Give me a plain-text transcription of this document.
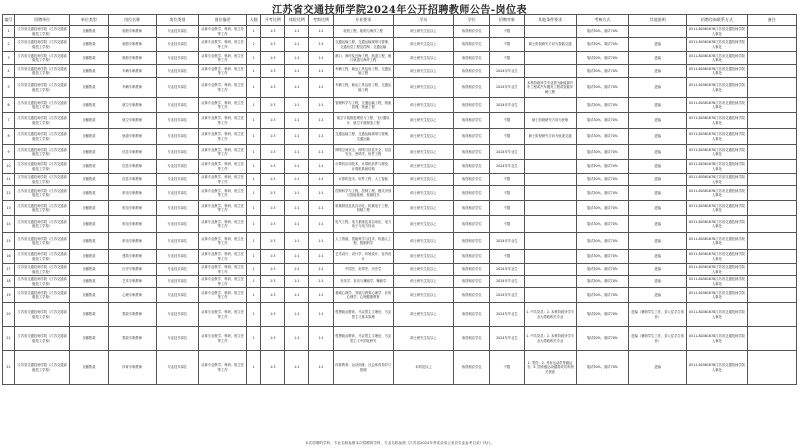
江苏省交通技师学院2024年公开招聘教师公告-岗位表
编号	招聘单位	单位类型	岗位名称	岗位类别	岗位描述	人数	开考比例	体检比例	考察比例	专业要求	学历	学位	招聘对象	其他条件要求	考核方式	其他说明	招聘咨询联系方式	备注
1	江苏省交通技师学院（江苏交通高级技工学校）	全额拨款	船舶专职教师	专业技术岗位	从事专业教学、科研、班主任等工作	1	1:3	1:1	1:1	轮机工程，船舶与海洋工程	硕士研究生及以上	取得相应学位	不限		笔试30%，面试70%		0511-80361678江苏省交通技师学院人事处	
2	江苏省交通技师学院（江苏交通高级技工学校）	全额拨款	船舶专职教师	专业技术岗位	从事专业教学、科研、班主任等工作	2	1:3	1:1	1:1	交通运输工程、交通运输规划与管理、交通信息工程及控制、交通运输	硕士研究生及以上	取得相应学位	不限	硕士阶段研究方向为智能交通	笔试30%，面试70%	进编	0511-80361678江苏省交通技师学院人事处	
3	江苏省交通技师学院（江苏交通高级技工学校）	全额拨款	船舶专职教师	专业技术岗位	从事专业教学、科研、班主任等工作	1	1:3	1:1	1:1	港口、海岸及近海工程，航道工程，港口航道与海岸工程	硕士研究生及以上	取得相应学位	不限		笔试30%，面试70%	进编	0511-80361678江苏省交通技师学院人事处	
4	江苏省交通技师学院（江苏交通高级技工学校）	全额拨款	车辆专职教师	专业技术岗位	从事专业教学、科研、班主任等工作	1	1:3	1:1	1:1	车辆工程，载运工具运用工程，交通运输工程	硕士研究生及以上	取得相应学位	2024年毕业生		笔试30%，面试70%	进编	0511-80361678江苏省交通技师学院人事处	
5	江苏省交通技师学院（江苏交通高级技工学校）	全额拨款	车辆专职教师	专业技术岗位	从事专业教学、科研、班主任等工作	1	1:3	1:1	1:1	车辆工程，载运工具运用工程，交通运输工程	硕士研究生及以上	取得相应学位	2024年毕业生	本科阶段所学专业需为新能源汽车工程或汽车服务工程或智能车辆工程	笔试30%，面试70%	进编	0511-80361678江苏省交通技师学院人事处	
6	江苏省交通技师学院（江苏交通高级技工学校）	全额拨款	航空专职教师	专业技术岗位	从事专业教学、科研、班主任等工作	1	1:3	1:1	1:1	管理科学与工程，交通运输工程，物流管理，物流工程	硕士研究生及以上	取得相应学位	2024年毕业生		笔试30%，面试70%	进编	0511-80361678江苏省交通技师学院人事处	
7	江苏省交通技师学院（江苏交通高级技工学校）	全额拨款	航空专职教师	专业技术岗位	从事专业教学、科研、班主任等工作	1	1:3	1:1	1:1	航空宇航推进理论与工程、飞行器设计、航空宇航制造工程	硕士研究生及以上	取得相应学位	不限	硕士阶段研究方向为民航	笔试30%，面试70%	进编	0511-80361678江苏省交通技师学院人事处	
8	江苏省交通技师学院（江苏交通高级技工学校）	全额拨款	轨道专职教师	专业技术岗位	从事专业教学、科研、班主任等工作	1	1:3	1:1	1:1	交通运输工程、交通运输规划与管理、交通运输	硕士研究生及以上	取得相应学位	不限	硕士阶段研究方向为轨道交通	笔试30%，面试70%	进编	0511-80361678江苏省交通技师学院人事处	
9	江苏省交通技师学院（江苏交通高级技工学校）	全额拨款	信息专职教师	专业技术岗位	从事专业教学、科研、班主任等工作	1	1:3	1:1	1:1	网络空间安全、网络与信息安全、信息安全、密码学、软件工程	硕士研究生及以上	取得相应学位	2024年毕业生		笔试30%，面试70%	进编	0511-80361678江苏省交通技师学院人事处	
10	江苏省交通技师学院（江苏交通高级技工学校）	全额拨款	信息专职教师	专业技术岗位	从事专业教学、科研、班主任等工作	1	1:3	1:1	1:1	计算机应用技术、计算机软件与理论、计算机系统结构	硕士研究生及以上	取得相应学位	2024年毕业生		笔试30%，面试70%	进编	0511-80361678江苏省交通技师学院人事处	
11	江苏省交通技师学院（江苏交通高级技工学校）	全额拨款	信息专职教师	专业技术岗位	从事专业教学、科研、班主任等工作	1	1:3	1:1	1:1	计算机技术、软件工程、人工智能	硕士研究生及以上	取得相应学位	不限		笔试30%，面试70%	进编	0511-80361678江苏省交通技师学院人事处	
12	江苏省交通技师学院（江苏交通高级技工学校）	全额拨款	机电专职教师	专业技术岗位	从事专业教学、科研、班主任等工作	1	1:3	1:1	1:1	控制科学与工程、控制工程、模式识别与智能系统、检测技术	硕士研究生及以上	取得相应学位	不限		笔试30%，面试70%	进编	0511-80361678江苏省交通技师学院人事处	
13	江苏省交通技师学院（江苏交通高级技工学校）	全额拨款	机电专职教师	专业技术岗位	从事专业教学、科研、班主任等工作	1	1:3	1:1	1:1	机械制造及其自动化、机械电子工程、机械工程	硕士研究生及以上	取得相应学位	不限		笔试30%，面试70%	进编	0511-80361678江苏省交通技师学院人事处	
14	江苏省交通技师学院（江苏交通高级技工学校）	全额拨款	机电专职教师	专业技术岗位	从事专业教学、科研、班主任等工作	1	1:3	1:1	1:1	电气工程、电力系统及其自动化、电力电子与电力传动	硕士研究生及以上	取得相应学位	不限		笔试30%，面试70%	进编	0511-80361678江苏省交通技师学院人事处	
15	江苏省交通技师学院（江苏交通高级技工学校）	全额拨款	机电专职教师	专业技术岗位	从事专业教学、科研、班主任等工作	1	1:3	1:1	1:1	人工智能、智能科学与技术、机器人工程、数据科学	硕士研究生及以上	取得相应学位	2024年毕业生		笔试30%，面试70%	进编	0511-80361678江苏省交通技师学院人事处	
16	江苏省交通技师学院（江苏交通高级技工学校）	全额拨款	建筑专职教师	专业技术岗位	从事专业教学、科研、班主任等工作	1	1:3	1:1	1:1	艺术设计、设计学、环境设计、室内设计	硕士研究生及以上	取得相应学位	不限		笔试30%，面试70%	进编	0511-80361678江苏省交通技师学院人事处	
17	江苏省交通技师学院（江苏交通高级技工学校）	全额拨款	历史专职教师	专业技术岗位	从事专业教学、科研、班主任等工作	1	1:3	1:1	1:1	中国史、世界史、历史学	硕士研究生及以上	取得相应学位	2024年毕业生		笔试30%，面试70%	进编	0511-80361678江苏省交通技师学院人事处	
18	江苏省交通技师学院（江苏交通高级技工学校）	全额拨款	艺术专职教师	专业技术岗位	从事专业教学、科研、班主任等工作	1	1:3	1:1	1:1	音乐学、音乐与舞蹈学、舞蹈学	硕士研究生及以上	取得相应学位	2024年毕业生		笔试30%，面试70%	进编	0511-80361678江苏省交通技师学院人事处	
19	江苏省交通技师学院（江苏交通高级技工学校）	全额拨款	心理专职教师	专业技术岗位	从事专业教学、科研、班主任等工作	1	1:3	1:1	1:1	基础心理学、发展与教育心理学、应用心理学、心理健康教育	硕士研究生及以上	取得相应学位	2024年毕业生		笔试30%，面试70%	进编	0511-80361678江苏省交通技师学院人事处	
20	江苏省交通技师学院（江苏交通高级技工学校）	全额拨款	思政专职教师	专业技术岗位	从事专业教学、科研、班主任等工作	1	1:3	1:1	1:1	思想政治教育、马克思主义理论、马克思主义基本原理	硕士研究生及以上	取得相应学位	2024年毕业生	1. 中共党员；2. 本科阶段所学专业为思政相关专业	笔试30%，面试70%	进编（兼职学生工作，须入住学生宿舍）	0511-80361678江苏省交通技师学院人事处	
21	江苏省交通技师学院（江苏交通高级技工学校）	全额拨款	思政专职教师	专业技术岗位	从事专业教学、科研、班主任等工作	1	1:3	1:1	1:1	思想政治教育、马克思主义理论、马克思主义中国化研究	硕士研究生及以上	取得相应学位	2024年毕业生	1. 中共党员；2. 本科阶段所学专业为思政相关专业	笔试30%，面试70%	进编（兼职学生工作，须入住学生宿舍）	0511-80361678江苏省交通技师学院人事处	
22	江苏省交通技师学院（江苏交通高级技工学校）	全额拨款	体育专职教师	专业技术岗位	从事专业教学、科研、班主任等工作	1	1:3	1:1	1:1	体育教育、运动训练、社会体育指导与管理	本科及以上	取得相应学位	不限	1. 男性；2. 具有运动员等级证书；3. 国家级运动健将或具有相关资质	笔试30%，面试70%	进编	0511-80361678江苏省交通技师学院人事处	
本次招聘的学科、专业名称参照本次招聘的学科、专业名称参照《江苏省2024年考试录用公务员专业参考目录》执行。
